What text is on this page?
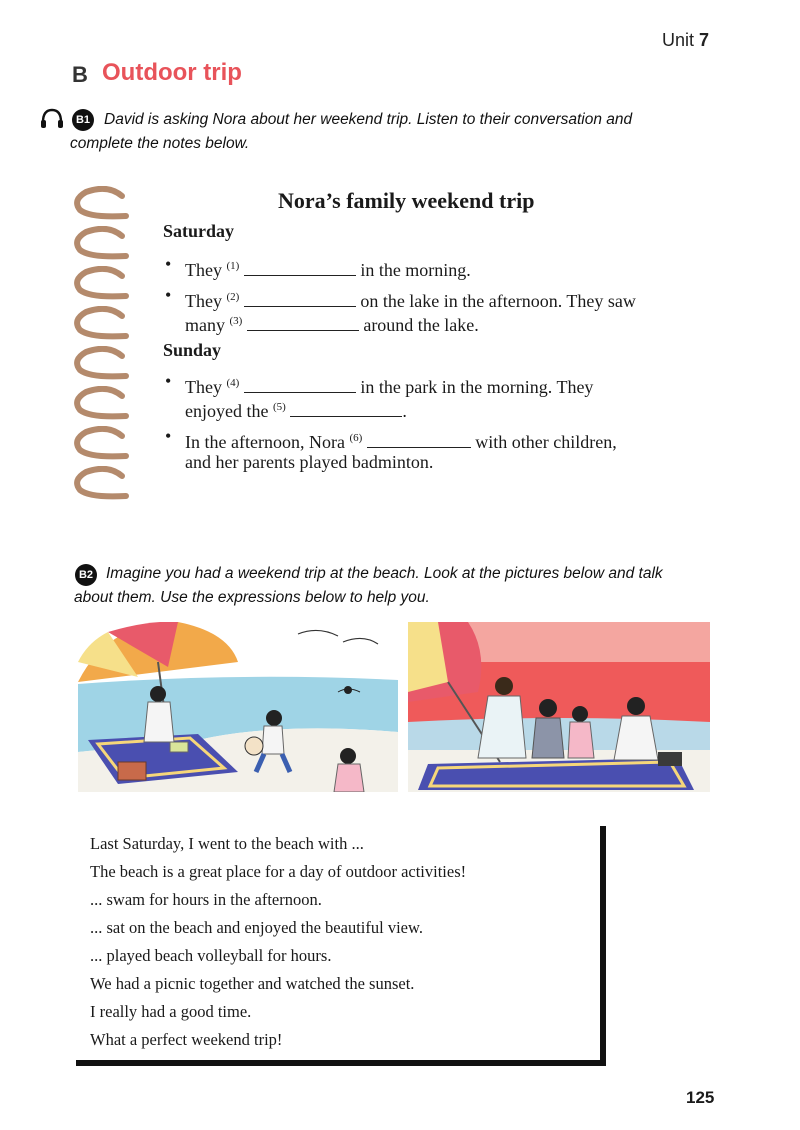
Unit 7
B Outdoor trip
B1 David is asking Nora about her weekend trip. Listen to their conversation and
complete the notes below.
Nora’s family weekend trip
Saturday
• They $^{(1)}$	in the morning.
• They $^{(2)}$	on the lake in the afternoon. They saw
many $^{(3)}$	around the lake.
Sunday
• They $^{(4)}$	in the park in the morning. They
enjoyed the $^{(5)}$	.
• In the afternoon, Nora $^{(6)}$	with other children,
and her parents played badminton.
B2 Imagine you had a weekend trip at the beach. Look at the pictures below and talk
about them. Use the expressions below to help you.
Last Saturday, I went to the beach with ...
The beach is a great place for a day of outdoor activities!
... swam for hours in the afternoon.
... sat on the beach and enjoyed the beautiful view.
... played beach volleyball for hours.
We had a picnic together and watched the sunset.
I really had a good time.
What a perfect weekend trip!
125
